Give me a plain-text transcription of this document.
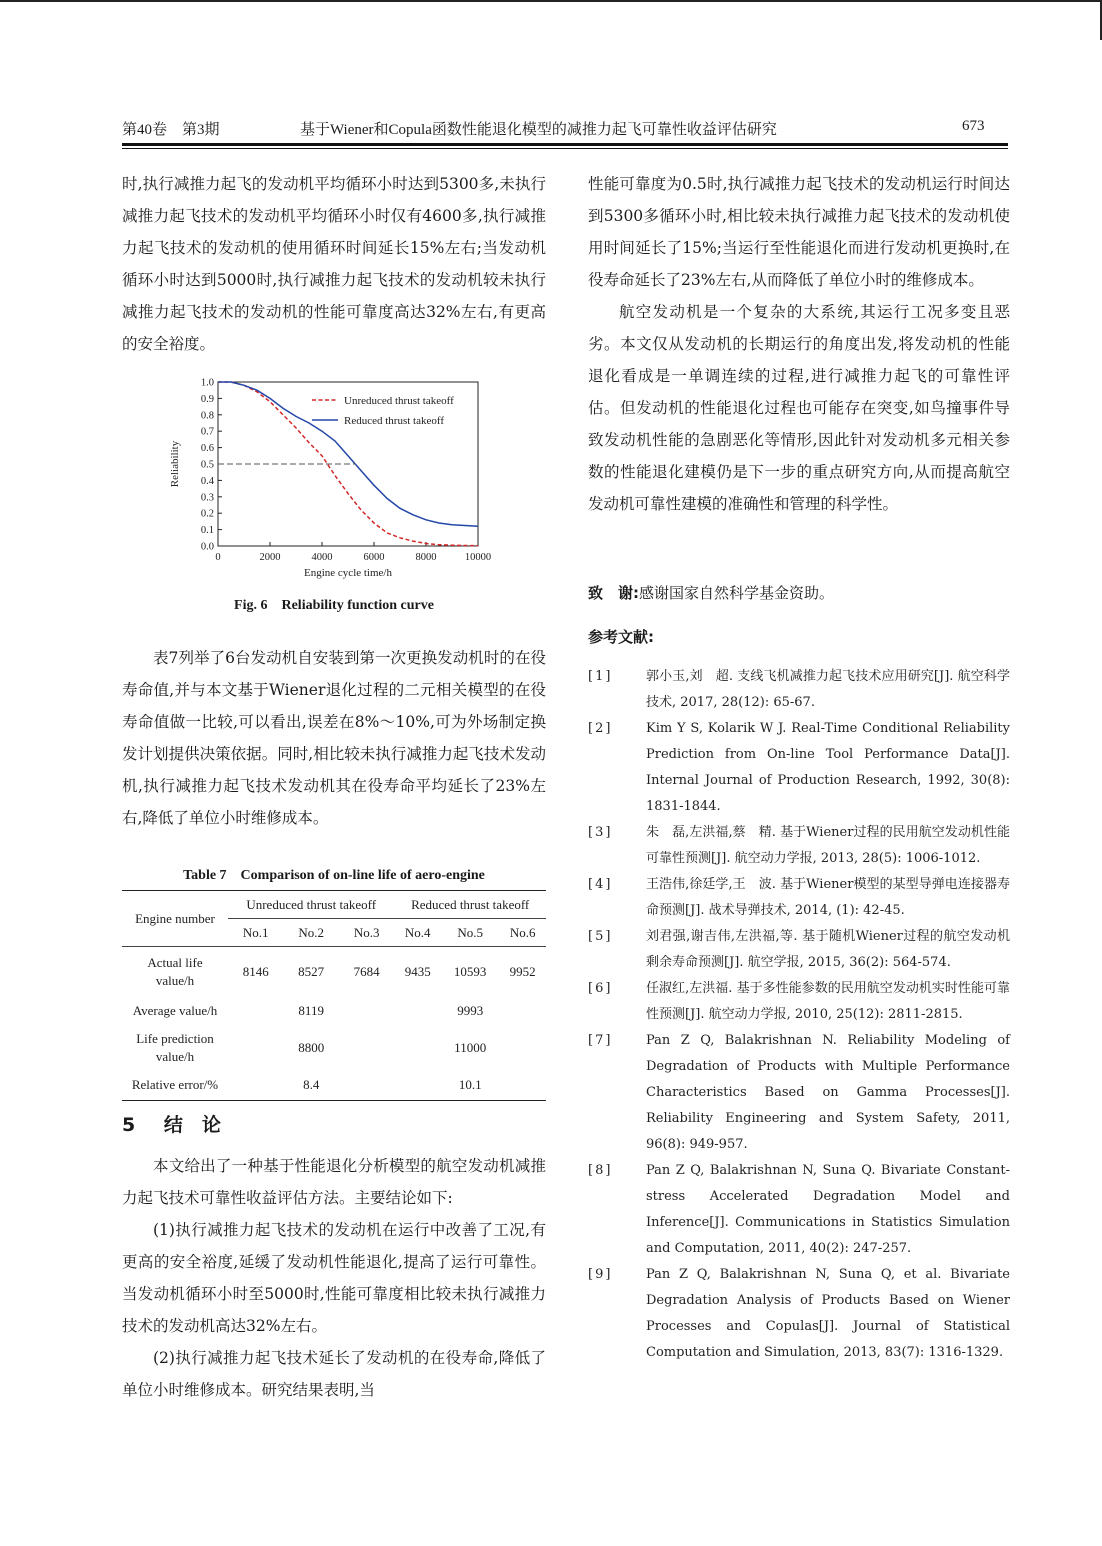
第40卷　第3期	基于Wiener和Copula函数性能退化模型的减推力起飞可靠性收益评估研究	673

时,执行减推力起飞的发动机平均循环小时达到5300多,未执行减推力起飞技术的发动机平均循环小时仅有4600多,执行减推力起飞技术的发动机的使用循环时间延长15%左右;当发动机循环小时达到5000时,执行减推力起飞技术的发动机较未执行减推力起飞技术的发动机的性能可靠度高达32%左右,有更高的安全裕度。

0.0
0.1
0.2
0.3
0.4
0.5
0.6
0.7
0.8
0.9
1.0
0	2000	4000	6000	8000	10000
Engine cycle time/h
Reliability
Unreduced thrust takeoff
Reduced thrust takeoff
Fig. 6　Reliability function curve

表7列举了6台发动机自安装到第一次更换发动机时的在役寿命值,并与本文基于Wiener退化过程的二元相关模型的在役寿命值做一比较,可以看出,误差在8%～10%,可为外场制定换发计划提供决策依据。同时,相比较未执行减推力起飞技术发动机,执行减推力起飞技术发动机其在役寿命平均延长了23%左右,降低了单位小时维修成本。

Table 7　Comparison of on-line life of aero-engine
Engine number	Unreduced thrust takeoff			Reduced thrust takeoff		
	No.1	No.2	No.3	No.4	No.5	No.6
Actual life
value/h	8146	8527	7684	9435	10593	9952
Average value/h	8119			9993		
Life prediction
value/h	8800			11000		
Relative error/%	8.4			10.1		
5 结　论

本文给出了一种基于性能退化分析模型的航空发动机减推力起飞技术可靠性收益评估方法。主要结论如下:

(1)执行减推力起飞技术的发动机在运行中改善了工况,有更高的安全裕度,延缓了发动机性能退化,提高了运行可靠性。当发动机循环小时至5000时,性能可靠度相比较未执行减推力技术的发动机高达32%左右。

(2)执行减推力起飞技术延长了发动机的在役寿命,降低了单位小时维修成本。研究结果表明,当

性能可靠度为0.5时,执行减推力起飞技术的发动机运行时间达到5300多循环小时,相比较未执行减推力起飞技术的发动机使用时间延长了15%;当运行至性能退化而进行发动机更换时,在役寿命延长了23%左右,从而降低了单位小时的维修成本。

航空发动机是一个复杂的大系统,其运行工况多变且恶劣。本文仅从发动机的长期运行的角度出发,将发动机的性能退化看成是一单调连续的过程,进行减推力起飞的可靠性评估。但发动机的性能退化过程也可能存在突变,如鸟撞事件导致发动机性能的急剧恶化等情形,因此针对发动机多元相关参数的性能退化建模仍是下一步的重点研究方向,从而提高航空发动机可靠性建模的准确性和管理的科学性。

致　谢:感谢国家自然科学基金资助。
参考文献:
[1]	郭小玉,刘　超. 支线飞机减推力起飞技术应用研究[J]. 航空科学技术, 2017, 28(12): 65-67.
[2]	Kim Y S, Kolarik W J. Real-Time Conditional Reliability Prediction from On-line Tool Performance Data[J]. Internal Journal of Production Research, 1992, 30(8): 1831-1844.
[3]	朱　磊,左洪福,蔡　精. 基于Wiener过程的民用航空发动机性能可靠性预测[J]. 航空动力学报, 2013, 28(5): 1006-1012.
[4]	王浩伟,徐廷学,王　波. 基于Wiener模型的某型导弹电连接器寿命预测[J]. 战术导弹技术, 2014, (1): 42-45.
[5]	刘君强,谢吉伟,左洪福,等. 基于随机Wiener过程的航空发动机剩余寿命预测[J]. 航空学报, 2015, 36(2): 564-574.
[6]	任淑红,左洪福. 基于多性能参数的民用航空发动机实时性能可靠性预测[J]. 航空动力学报, 2010, 25(12): 2811-2815.
[7]	Pan Z Q, Balakrishnan N. Reliability Modeling of Degradation of Products with Multiple Performance Characteristics Based on Gamma Processes[J]. Reliability Engineering and System Safety, 2011, 96(8): 949-957.
[8]	Pan Z Q, Balakrishnan N, Suna Q. Bivariate Constant-stress Accelerated Degradation Model and Inference[J]. Communications in Statistics Simulation and Computation, 2011, 40(2): 247-257.
[9]	Pan Z Q, Balakrishnan N, Suna Q, et al. Bivariate Degradation Analysis of Products Based on Wiener Processes and Copulas[J]. Journal of Statistical Computation and Simulation, 2013, 83(7): 1316-1329.
